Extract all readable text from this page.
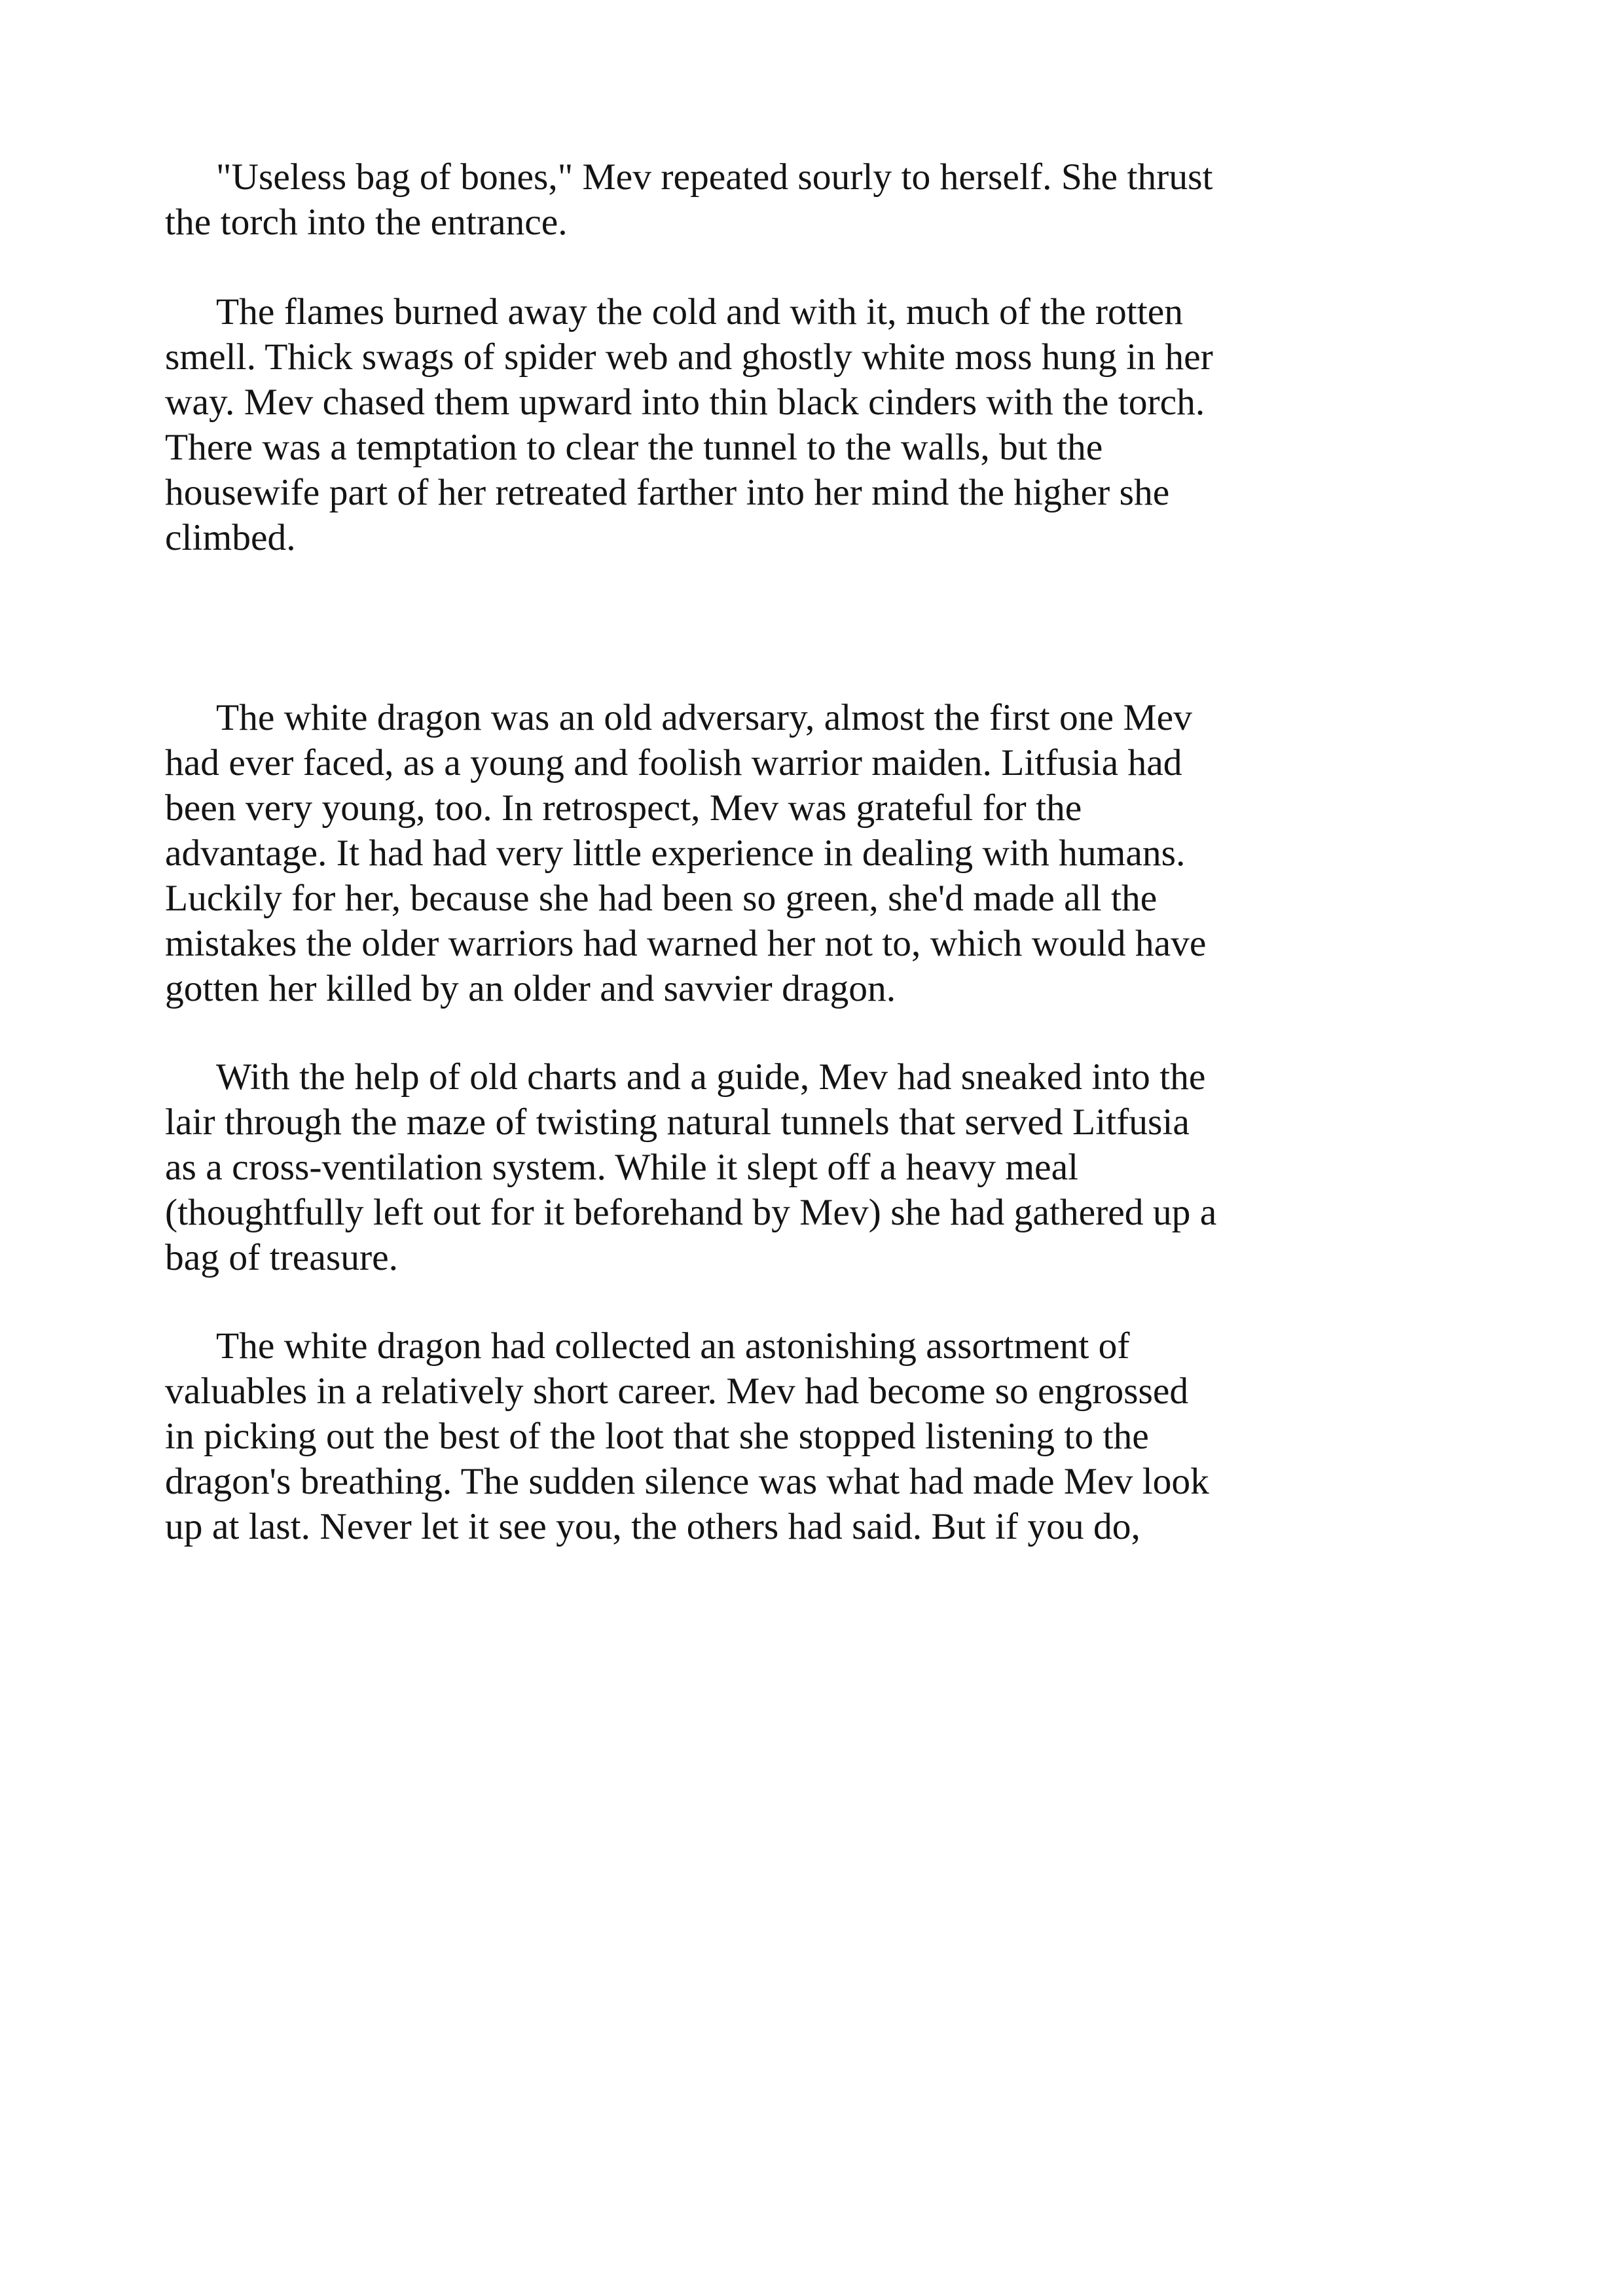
"Useless bag of bones," Mev repeated sourly to herself. She thrust
the torch into the entrance.
The flames burned away the cold and with it, much of the rotten
smell. Thick swags of spider web and ghostly white moss hung in her
way. Mev chased them upward into thin black cinders with the torch.
There was a temptation to clear the tunnel to the walls, but the
housewife part of her retreated farther into her mind the higher she
climbed.
The white dragon was an old adversary, almost the first one Mev
had ever faced, as a young and foolish warrior maiden. Litfusia had
been very young, too. In retrospect, Mev was grateful for the
advantage. It had had very little experience in dealing with humans.
Luckily for her, because she had been so green, she'd made all the
mistakes the older warriors had warned her not to, which would have
gotten her killed by an older and savvier dragon.
With the help of old charts and a guide, Mev had sneaked into the
lair through the maze of twisting natural tunnels that served Litfusia
as a cross-ventilation system. While it slept off a heavy meal
(thoughtfully left out for it beforehand by Mev) she had gathered up a
bag of treasure.
The white dragon had collected an astonishing assortment of
valuables in a relatively short career. Mev had become so engrossed
in picking out the best of the loot that she stopped listening to the
dragon's breathing. The sudden silence was what had made Mev look
up at last. Never let it see you, the others had said. But if you do,
